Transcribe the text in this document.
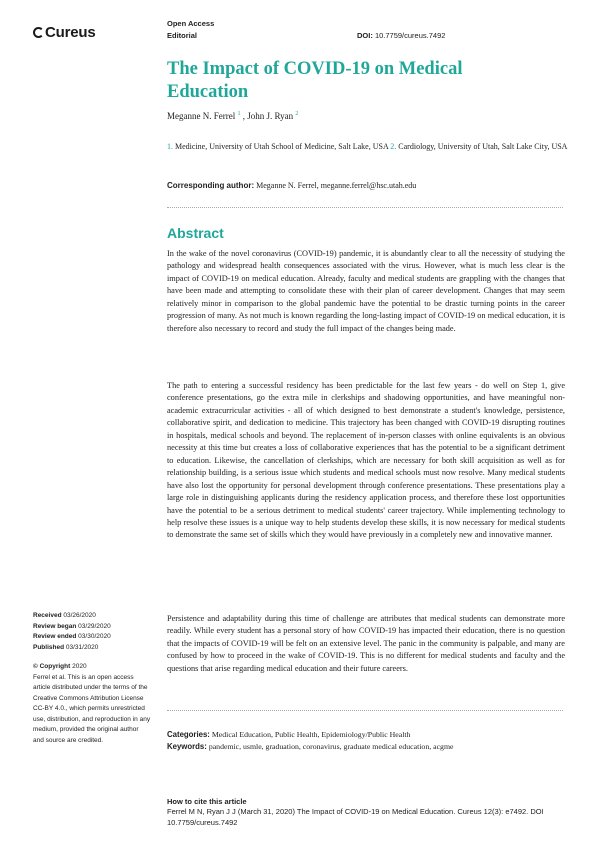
Cureus
Open Access
Editorial	DOI: 10.7759/cureus.7492
The Impact of COVID-19 on Medical Education
Meganne N. Ferrel $^1$ , John J. Ryan $^2$
1. Medicine, University of Utah School of Medicine, Salt Lake, USA 2. Cardiology, University of Utah, Salt Lake City, USA
Corresponding author: Meganne N. Ferrel, meganne.ferrel@hsc.utah.edu
Abstract
In the wake of the novel coronavirus (COVID-19) pandemic, it is abundantly clear to all the necessity of studying the pathology and widespread health consequences associated with the virus. However, what is much less clear is the impact of COVID-19 on medical education. Already, faculty and medical students are grappling with the changes that have been made and attempting to consolidate these with their plan of career development. Changes that may seem relatively minor in comparison to the global pandemic have the potential to be drastic turning points in the career progression of many. As not much is known regarding the long-lasting impact of COVID-19 on medical education, it is therefore also necessary to record and study the full impact of the changes being made.
The path to entering a successful residency has been predictable for the last few years - do well on Step 1, give conference presentations, go the extra mile in clerkships and shadowing opportunities, and have meaningful non-academic extracurricular activities - all of which designed to best demonstrate a student's knowledge, persistence, collaborative spirit, and dedication to medicine. This trajectory has been changed with COVID-19 disrupting routines in hospitals, medical schools and beyond. The replacement of in-person classes with online equivalents is an obvious necessity at this time but creates a loss of collaborative experiences that has the potential to be a significant detriment to education. Likewise, the cancellation of clerkships, which are necessary for both skill acquisition as well as for relationship building, is a serious issue which students and medical schools must now resolve. Many medical students have also lost the opportunity for personal development through conference presentations. These presentations play a large role in distinguishing applicants during the residency application process, and therefore these lost opportunities have the potential to be a serious detriment to medical students' career trajectory. While implementing technology to help resolve these issues is a unique way to help students develop these skills, it is now necessary for medical students to demonstrate the same set of skills which they would have previously in a completely new and innovative manner.
Persistence and adaptability during this time of challenge are attributes that medical students can demonstrate more readily. While every student has a personal story of how COVID-19 has impacted their education, there is no question that the impacts of COVID-19 will be felt on an extensive level. The panic in the community is palpable, and many are confused by how to proceed in the wake of COVID-19. This is no different for medical students and faculty and the questions that arise regarding medical education and their future careers.
Received 03/26/2020
Review began 03/29/2020
Review ended 03/30/2020
Published 03/31/2020
© Copyright 2020
Ferrel et al. This is an open access article distributed under the terms of the Creative Commons Attribution License CC-BY 4.0., which permits unrestricted use, distribution, and reproduction in any medium, provided the original author and source are credited.
Categories: Medical Education, Public Health, Epidemiology/Public Health
Keywords: pandemic, usmle, graduation, coronavirus, graduate medical education, acgme
How to cite this article
Ferrel M N, Ryan J J (March 31, 2020) The Impact of COVID-19 on Medical Education. Cureus 12(3): e7492. DOI 10.7759/cureus.7492
